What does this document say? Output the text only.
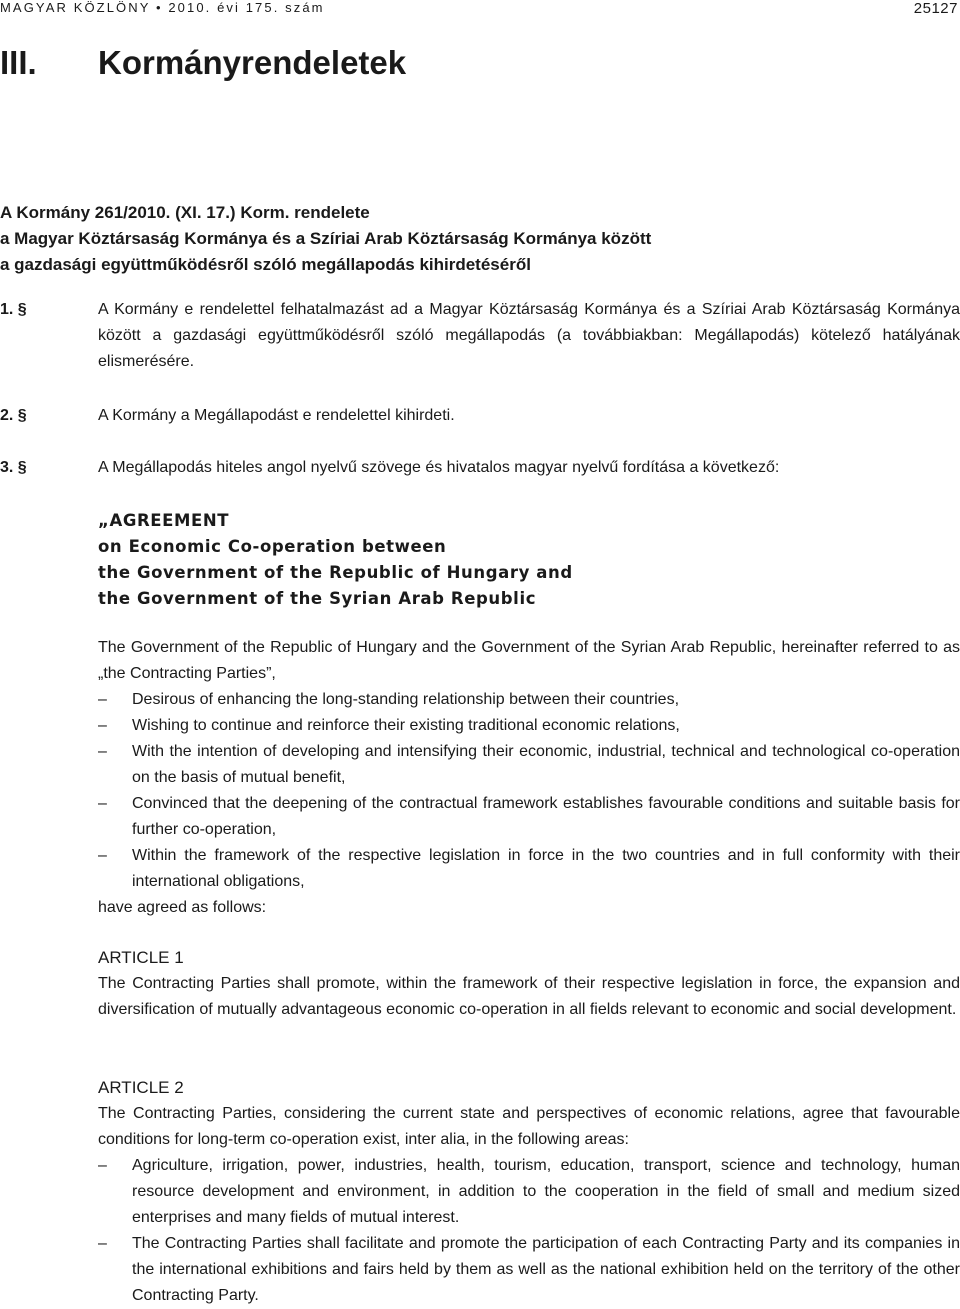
MAGYAR KÖZLÖNY • 2010. évi 175. szám	25127
III. Kormányrendeletek
A Kormány 261/2010. (XI. 17.) Korm. rendelete
a Magyar Köztársaság Kormánya és a Szíriai Arab Köztársaság Kormánya között
a gazdasági együttműködésről szóló megállapodás kihirdetéséről
1. §	A Kormány e rendelettel felhatalmazást ad a Magyar Köztársaság Kormánya és a Szíriai Arab Köztársaság Kormánya között a gazdasági együttműködésről szóló megállapodás (a továbbiakban: Megállapodás) kötelező hatályának elismerésére.
2. §	A Kormány a Megállapodást e rendelettel kihirdeti.
3. §	A Megállapodás hiteles angol nyelvű szövege és hivatalos magyar nyelvű fordítása a következő:
„AGREEMENT
on Economic Co-operation between
the Government of the Republic of Hungary and
the Government of the Syrian Arab Republic
The Government of the Republic of Hungary and the Government of the Syrian Arab Republic, hereinafter referred to as „the Contracting Parties”,
– Desirous of enhancing the long-standing relationship between their countries,
– Wishing to continue and reinforce their existing traditional economic relations,
– With the intention of developing and intensifying their economic, industrial, technical and technological co-operation on the basis of mutual benefit,
– Convinced that the deepening of the contractual framework establishes favourable conditions and suitable basis for further co-operation,
– Within the framework of the respective legislation in force in the two countries and in full conformity with their international obligations,
have agreed as follows:
ARTICLE 1
The Contracting Parties shall promote, within the framework of their respective legislation in force, the expansion and diversification of mutually advantageous economic co-operation in all fields relevant to economic and social development.
ARTICLE 2
The Contracting Parties, considering the current state and perspectives of economic relations, agree that favourable conditions for long-term co-operation exist, inter alia, in the following areas:
– Agriculture, irrigation, power, industries, health, tourism, education, transport, science and technology, human resource development and environment, in addition to the cooperation in the field of small and medium sized enterprises and many fields of mutual interest.
– The Contracting Parties shall facilitate and promote the participation of each Contracting Party and its companies in the international exhibitions and fairs held by them as well as the national exhibition held on the territory of the other Contracting Party.
